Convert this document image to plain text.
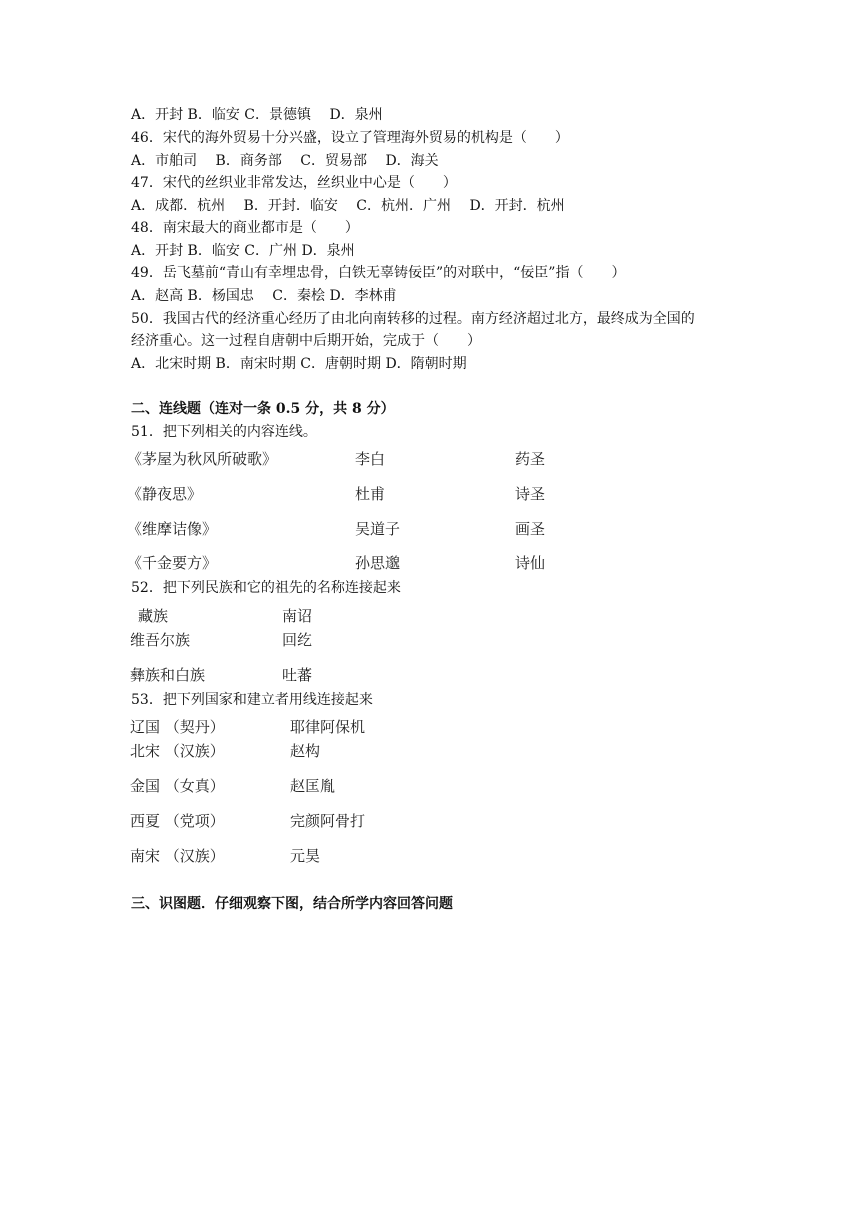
A．开封 B．临安 C．景德镇　 D．泉州
46．宋代的海外贸易十分兴盛，设立了管理海外贸易的机构是（　　）
A．市舶司　 B．商务部　 C．贸易部　 D．海关
47．宋代的丝织业非常发达，丝织业中心是（　　）
A．成都．杭州　 B．开封．临安　 C．杭州．广州　 D．开封．杭州
48．南宋最大的商业都市是（　　）
A．开封 B．临安 C．广州 D．泉州
49．岳飞墓前“青山有幸埋忠骨，白铁无辜铸佞臣”的对联中，“佞臣”指（　　）
A．赵高 B．杨国忠　 C．秦桧 D．李林甫
50．我国古代的经济重心经历了由北向南转移的过程。南方经济超过北方，最终成为全国的
经济重心。这一过程自唐朝中后期开始，完成于（　　）
A．北宋时期 B．南宋时期 C．唐朝时期 D．隋朝时期
二、连线题（连对一条 0.5 分，共 8 分）
51．把下列相关的内容连线。
《茅屋为秋风所破歌》	李白	药圣
《静夜思》	杜甫	诗圣
《维摩诘像》	吴道子	画圣
《千金要方》	孙思邈	诗仙
52．把下列民族和它的祖先的名称连接起来
藏族	南诏
维吾尔族	回纥
彝族和白族	吐蕃
53．把下列国家和建立者用线连接起来
辽国 （契丹）	耶律阿保机
北宋 （汉族）	赵构
金国 （女真）	赵匡胤
西夏 （党项）	完颜阿骨打
南宋 （汉族）	元昊
三、识图题．仔细观察下图，结合所学内容回答问题
